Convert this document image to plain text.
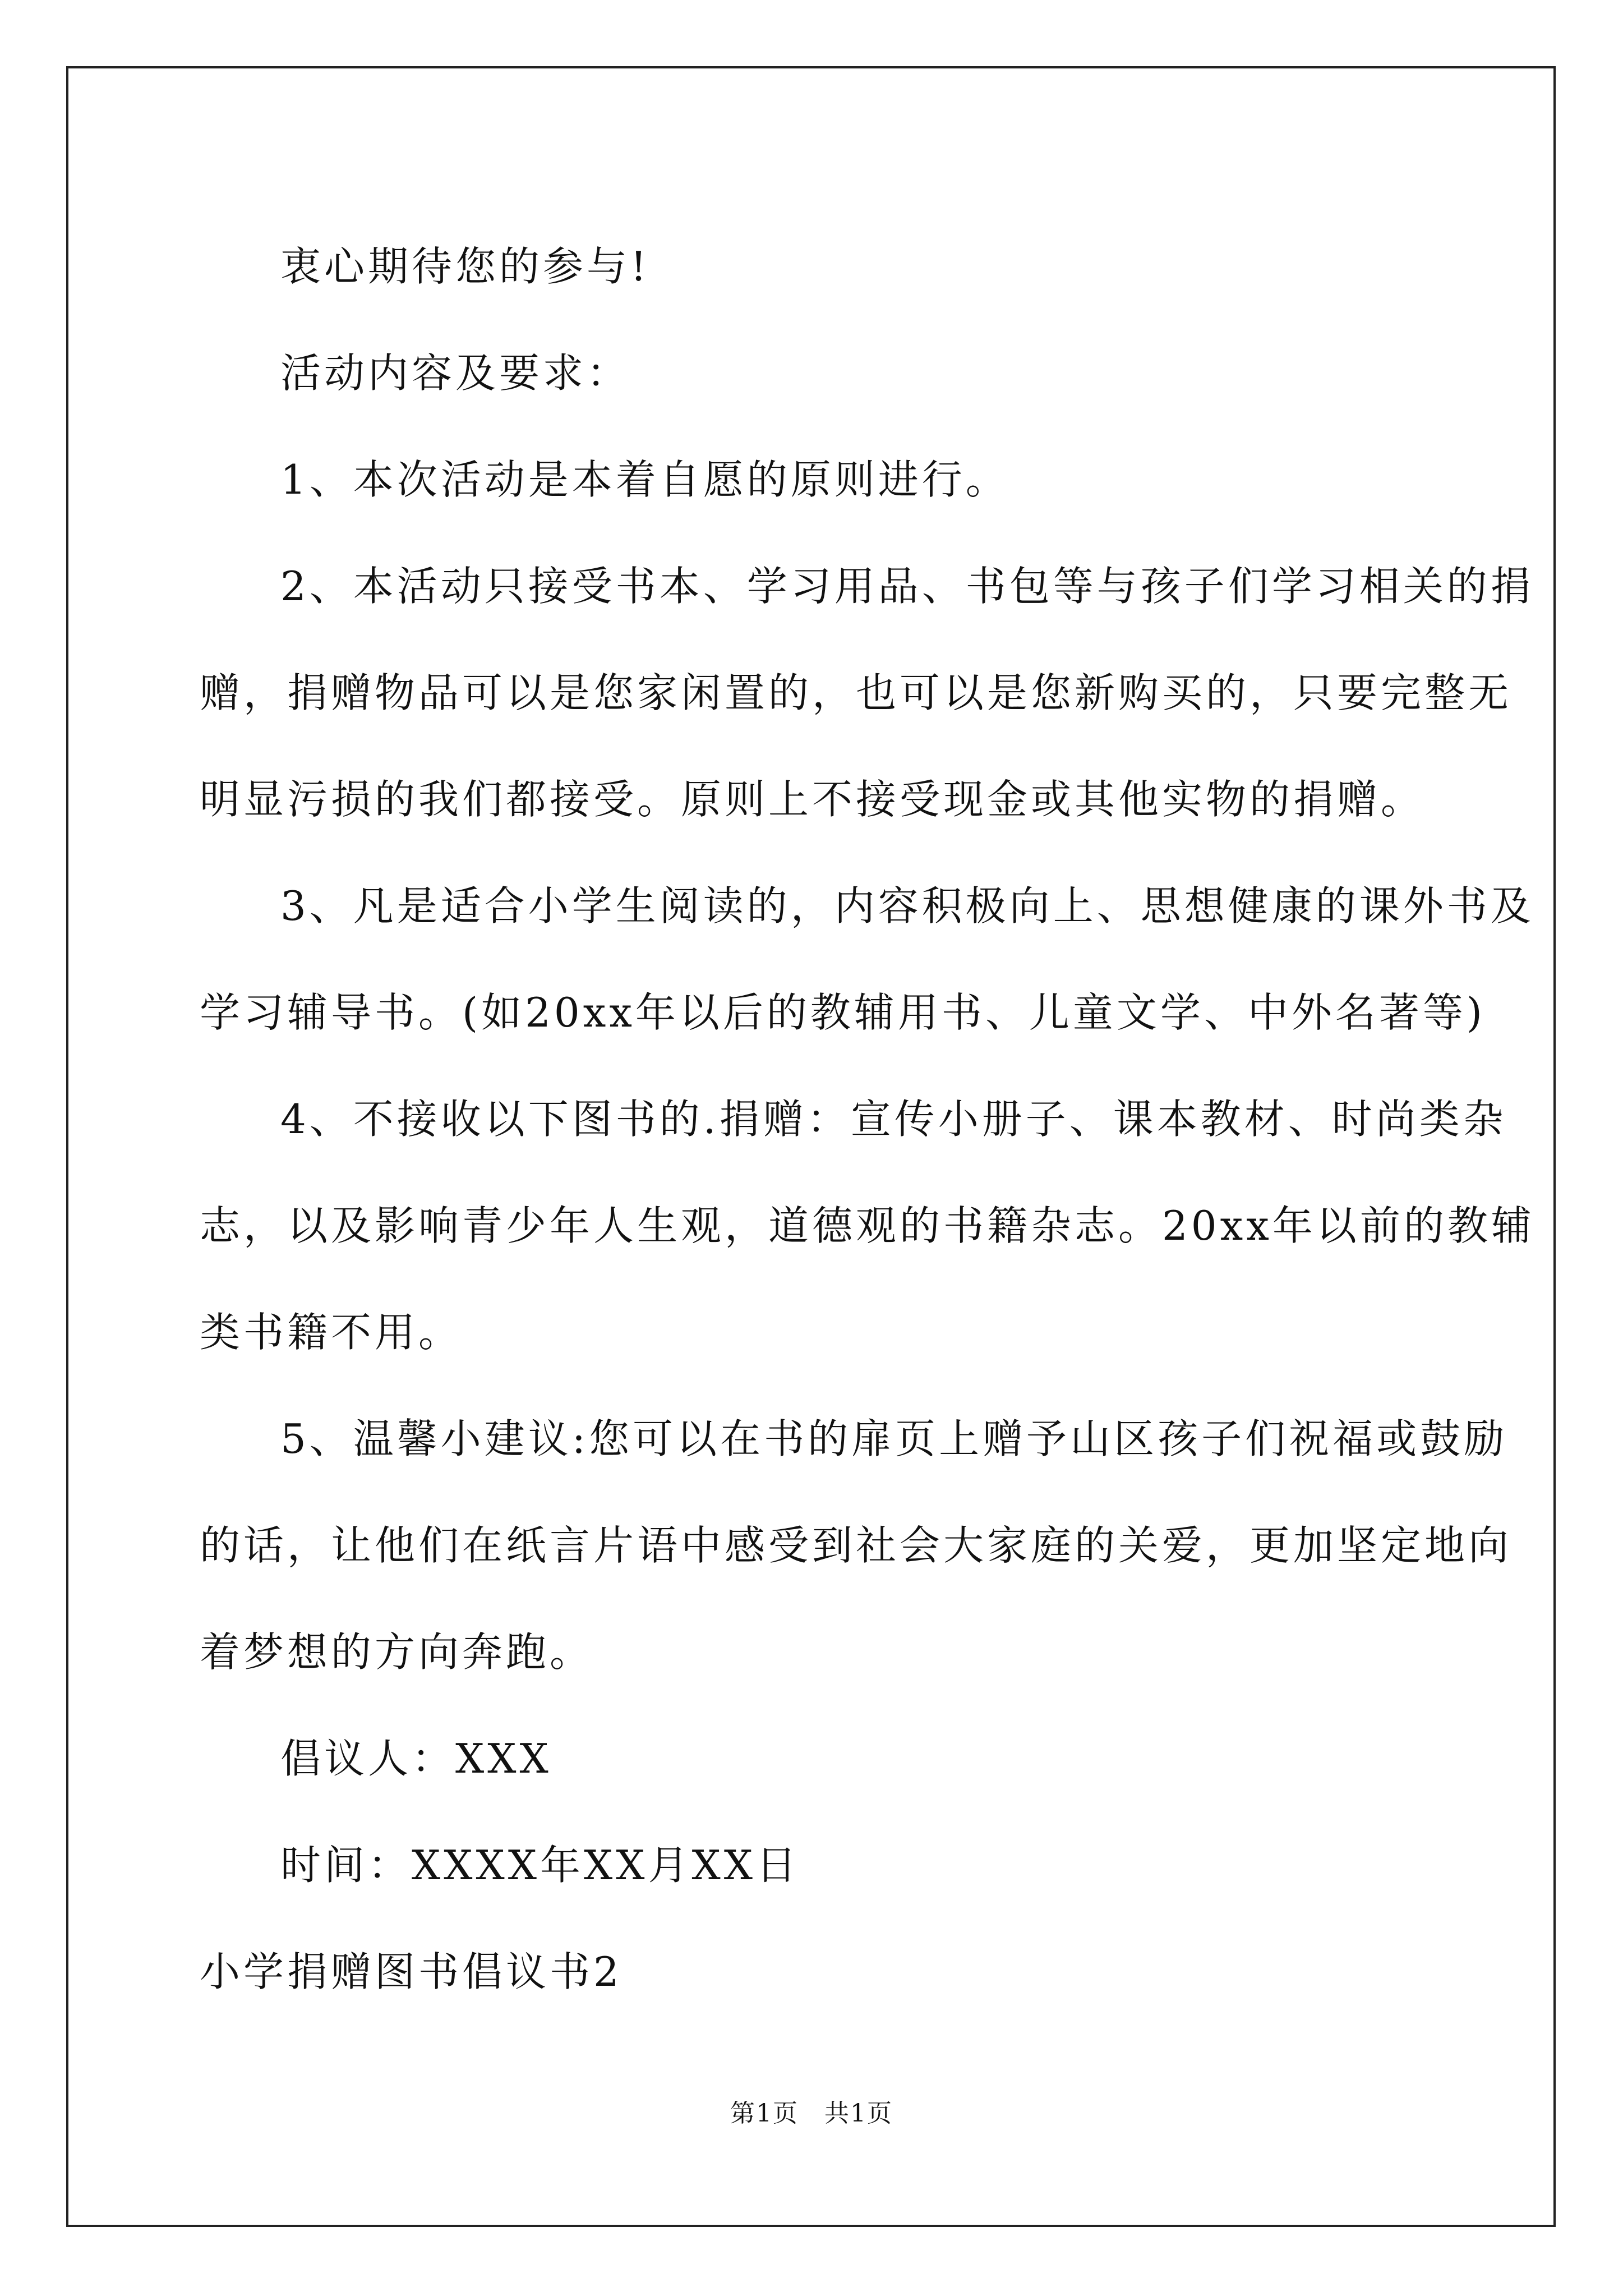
衷心期待您的参与!

活动内容及要求：

1、本次活动是本着自愿的原则进行。

2、本活动只接受书本、学习用品、书包等与孩子们学习相关的捐

赠，捐赠物品可以是您家闲置的，也可以是您新购买的，只要完整无

明显污损的我们都接受。原则上不接受现金或其他实物的捐赠。

3、凡是适合小学生阅读的，内容积极向上、思想健康的课外书及

学习辅导书。(如20xx年以后的教辅用书、儿童文学、中外名著等)

4、不接收以下图书的.捐赠：宣传小册子、课本教材、时尚类杂

志，以及影响青少年人生观，道德观的书籍杂志。20xx年以前的教辅

类书籍不用。

5、温馨小建议:您可以在书的扉页上赠予山区孩子们祝福或鼓励

的话，让他们在纸言片语中感受到社会大家庭的关爱，更加坚定地向

着梦想的方向奔跑。

倡议人：XXX

时间：XXXX年XX月XX日

小学捐赠图书倡议书2

第1页　共1页
